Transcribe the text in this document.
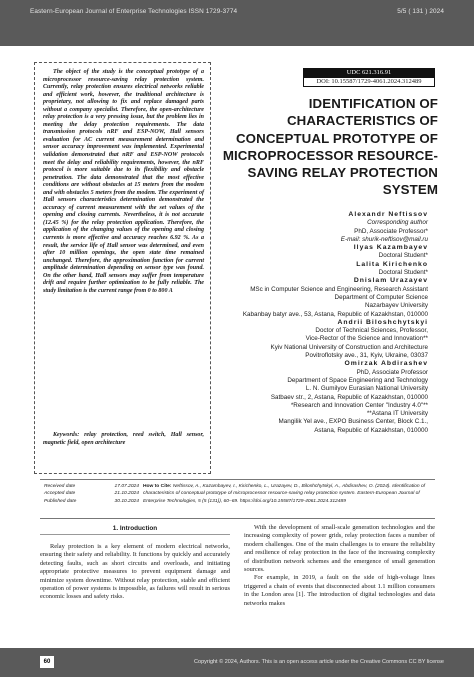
Eastern-European Journal of Enterprise Technologies ISSN 1729-3774	5/5 ( 131 ) 2024
The object of the study is the conceptual prototype of a microprocessor resource-saving relay protection system. Currently, relay protection ensures electrical networks reliable and efficient work, however, the traditional architecture is proprietary, not allowing to fix and replace damaged parts without a company specialist. Therefore, the open-architecture relay protection is a very pressing issue, but the problem lies in meeting the delay protection requirements. The data transmission protocols nRF and ESP-NOW, Hall sensors evaluation for AC current measurement determination and sensor accuracy improvement was implemented. Experimental validation demonstrated that nRF and ESP-NOW protocols meet the delay and reliability requirements, however, the nRF protocol is more suitable due to its flexibility and obstacle penetration. The data demonstrated that the most effective conditions are without obstacles at 15 meters from the modem and with obstacles 5 meters from the modem. The experiment of Hall sensors characteristics determination demonstrated the accuracy of current measurement with the set values of the opening and closing currents. Nevertheless, it is not accurate (12.45 %) for the relay protection application. Therefore, the application of the changing values of the opening and closing currents is more effective and accuracy reaches 6.92 %. As a result, the service life of Hall sensor was determined, and even after 10 million openings, the open state time remained unchanged. Therefore, the approximation function for current amplitude determination depending on sensor type was found. On the other hand, Hall sensors may suffer from temperature drift and require further optimization to be fully reliable. The study limitation is the current range from 0 to 800 A
Keywords: relay protection, reed switch, Hall sensor, magnetic field, open architecture
UDC 621.316.91
DOI: 10.15587/1729-4061.2024.312489
IDENTIFICATION OF CHARACTERISTICS OF CONCEPTUAL PROTOTYPE OF MICROPROCESSOR RESOURCE-SAVING RELAY PROTECTION SYSTEM
Alexandr Neftissov
Corresponding author
PhD, Associate Professor*
E-mail: shurik-neftisov@mail.ru
Ilyas Kazambayev
Doctoral Student*
Lalita Kirichenko
Doctoral Student*
Dnislam Urazayev
MSc in Computer Science and Engineering, Research Assistant
Department of Computer Science
Nazarbayev University
Kabanbay batyr ave., 53, Astana, Republic of Kazakhstan, 010000
Andrii Biloshchytskyi
Doctor of Technical Sciences, Professor,
Vice-Rector of the Science and Innovation**
Kyiv National University of Construction and Architecture
Povitroflotsky ave., 31, Kyiv, Ukraine, 03037
Omirzak Abdirashev
PhD, Associate Professor
Department of Space Engineering and Technology
L. N. Gumilyov Eurasian National University
Satbaev str., 2, Astana, Republic of Kazakhstan, 010000
*Research and Innovation Center "Industry 4.0"**
**Astana IT University
Mangilik Yel ave., EXPO Business Center, Block C.1.,
Astana, Republic of Kazakhstan, 010000
Received date	17.07.2024
Accepted date	21.10.2024
Published date	30.10.2024
How to Cite: Neftissov, A., Kazambayev, I., Kirichenko, L., Urazayev, D., Biloshchytskyi, A., Abdirashev, O. (2024). Identification of characteristics of conceptual prototype of microprocessor resource-saving relay protection system. Eastern-European Journal of Enterprise Technologies, 5 (5 (131)), 60–69. https://doi.org/10.15587/1729-4061.2024.312489
1. Introduction
Relay protection is a key element of modern electrical networks, ensuring their safety and reliability. It functions by quickly and accurately detecting faults, such as short circuits and overloads, and initiating appropriate protective measures to prevent equipment damage and minimize system downtime. Without relay protection, stable and efficient operation of power systems is impossible, as failures will result in serious economic losses and safety risks.

With the development of small-scale generation technologies and the increasing complexity of power grids, relay protection faces a number of modern challenges. One of the main challenges is to ensure the reliability and resilience of relay protection in the face of the increasing complexity of distribution network schemes and the emergence of small generation sources.

For example, in 2019, a fault on the side of high-voltage lines triggered a chain of events that disconnected about 1.1 million consumers in the London area [1]. The introduction of digital technologies and data networks makes

60	Copyright © 2024, Authors. This is an open access article under the Creative Commons CC BY license
